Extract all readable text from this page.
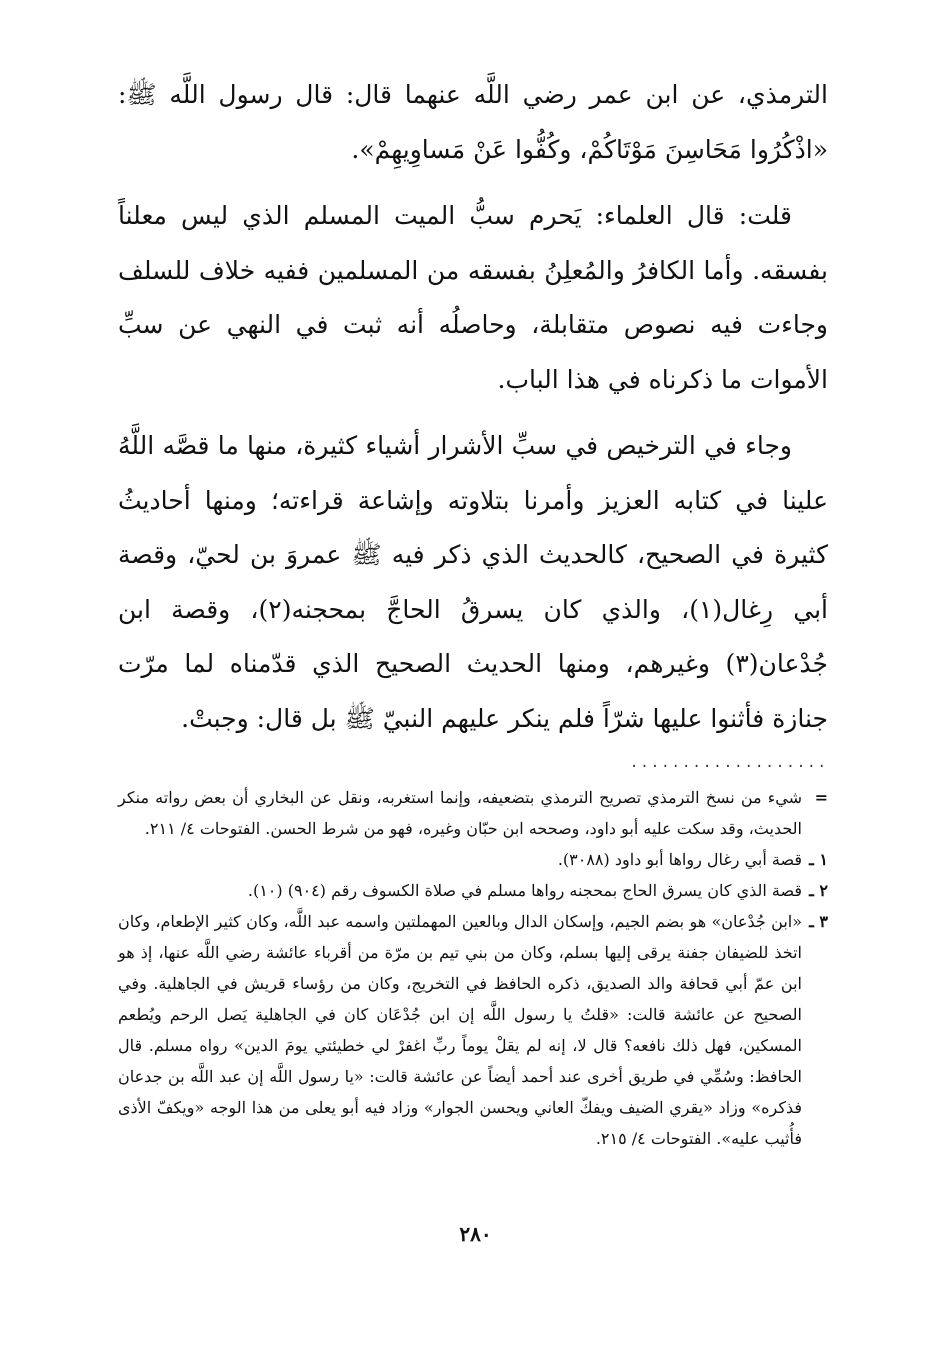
الترمذي، عن ابن عمر رضي اللَّه عنهما قال: قال رسول اللَّه ﷺ: «اذْكُرُوا مَحَاسِنَ مَوْتَاكُمْ، وكُفُّوا عَنْ مَساوِيهِمْ».

قلت: قال العلماء: يَحرم سبُّ الميت المسلم الذي ليس معلناً بفسقه. وأما الكافرُ والمُعلِنُ بفسقه من المسلمين ففيه خلاف للسلف وجاءت فيه نصوص متقابلة، وحاصلُه أنه ثبت في النهي عن سبِّ الأموات ما ذكرناه في هذا الباب.

وجاء في الترخيص في سبِّ الأشرار أشياء كثيرة، منها ما قصَّه اللَّهُ علينا في كتابه العزيز وأمرنا بتلاوته وإشاعة قراءته؛ ومنها أحاديثُ كثيرة في الصحيح، كالحديث الذي ذكر فيه ﷺ عمروَ بن لحيّ، وقصة أبي رِغال(١)، والذي كان يسرقُ الحاجَّ بمحجنه(٢)، وقصة ابن جُدْعان(٣) وغيرهم، ومنها الحديث الصحيح الذي قدّمناه لما مرّت جنازة فأثنوا عليها شرّاً فلم ينكر عليهم النبيّ ﷺ بل قال: وجبتْ.

...................
=
شيء من نسخ الترمذي تصريح الترمذي بتضعيفه، وإنما استغربه، ونقل عن البخاري أن بعض رواته منكر الحديث، وقد سكت عليه أبو داود، وصححه ابن حبّان وغيره، فهو من شرط الحسن. الفتوحات ٤/ ٢١١.
١ ـ
قصة أبي رغال رواها أبو داود (٣٠٨٨).
٢ ـ
قصة الذي كان يسرق الحاج بمحجنه رواها مسلم في صلاة الكسوف رقم (٩٠٤) (١٠).
٣ ـ
«ابن جُدْعان» هو بضم الجيم، وإسكان الدال وبالعين المهملتين واسمه عبد اللَّه، وكان كثير الإطعام، وكان اتخذ للضيفان جفنة يرقى إليها بسلم، وكان من بني تيم بن مرّة من أقرباء عائشة رضي اللَّه عنها، إذ هو ابن عمّ أبي قحافة والد الصديق، ذكره الحافظ في التخريج، وكان من رؤساء قريش في الجاهلية. وفي الصحيح عن عائشة قالت: «قلتُ يا رسول اللَّه إن ابن جُدْعَان كان في الجاهلية يَصل الرحم ويُطعم المسكين، فهل ذلك نافعه؟ قال لا، إنه لم يقلْ يوماً ربِّ اغفرْ لي خطيئتي يومَ الدين» رواه مسلم. قال الحافظ: وسُمِّي في طريق أخرى عند أحمد أيضاً عن عائشة قالت: «يا رسول اللَّه إن عبد اللَّه بن جدعان فذكره» وزاد «يقري الضيف ويفكّ العاني ويحسن الجوار» وزاد فيه أبو يعلى من هذا الوجه «ويكفّ الأذى فأُثيب عليه». الفتوحات ٤/ ٢١٥.
٢٨٠
